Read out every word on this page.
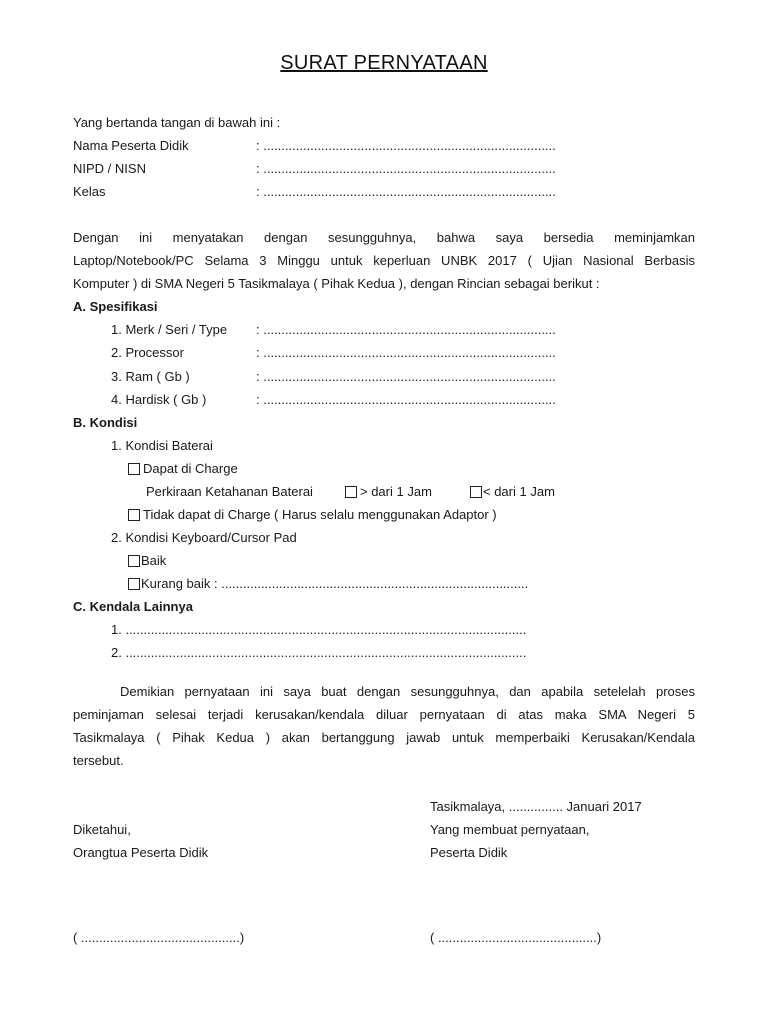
SURAT PERNYATAAN
Yang bertanda tangan di bawah ini :
Nama Peserta Didik	: .................................................................................
NIPD / NISN	: .................................................................................
Kelas	: .................................................................................
Dengan ini menyatakan dengan sesungguhnya, bahwa saya bersedia meminjamkan
Laptop/Notebook/PC Selama 3 Minggu untuk keperluan UNBK 2017 ( Ujian Nasional Berbasis
Komputer ) di SMA Negeri 5 Tasikmalaya ( Pihak Kedua ), dengan Rincian sebagai berikut :
A. Spesifikasi
1. Merk / Seri / Type : .................................................................................
2. Processor	: .................................................................................
3. Ram ( Gb )	: .................................................................................
4. Hardisk ( Gb )	: .................................................................................
B. Kondisi
1. Kondisi Baterai
Dapat di Charge
Perkiraan Ketahanan Baterai	> dari 1 Jam	< dari 1 Jam
Tidak dapat di Charge ( Harus selalu menggunakan Adaptor )
2. Kondisi Keyboard/Cursor Pad
Baik
Kurang baik : .....................................................................................
C. Kendala Lainnya
1. ...............................................................................................................
2. ...............................................................................................................
Demikian pernyataan ini saya buat dengan sesungguhnya, dan apabila setelelah proses
peminjaman selesai terjadi kerusakan/kendala diluar pernyataan di atas maka SMA Negeri 5
Tasikmalaya ( Pihak Kedua ) akan bertanggung jawab untuk memperbaiki Kerusakan/Kendala
tersebut.
Tasikmalaya, ............... Januari 2017
Diketahui,	Yang membuat pernyataan,
Orangtua Peserta Didik	Peserta Didik
( ............................................)	( ............................................)
